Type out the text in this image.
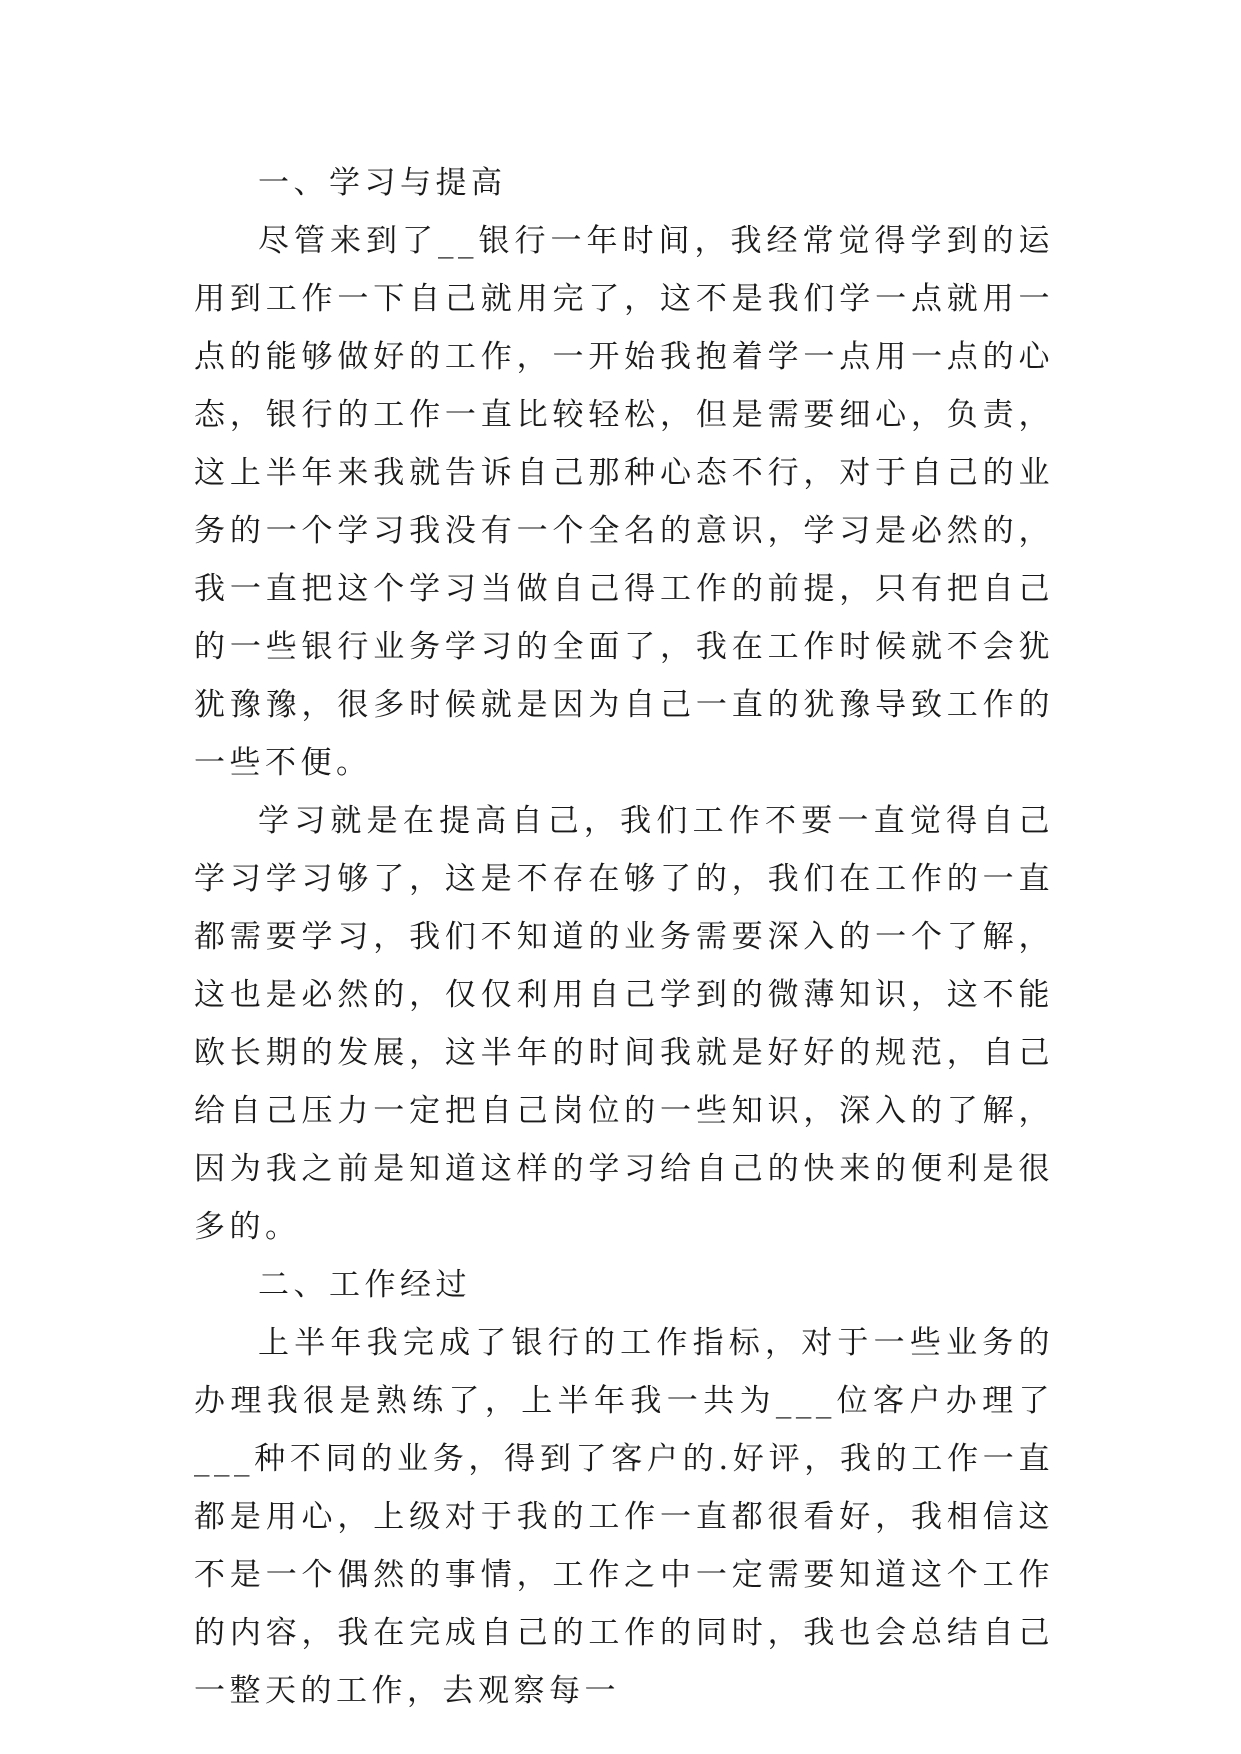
一、学习与提高

尽管来到了__银行一年时间，我经常觉得学到的运用到工作一下自己就用完了，这不是我们学一点就用一点的能够做好的工作，一开始我抱着学一点用一点的心态，银行的工作一直比较轻松，但是需要细心，负责，这上半年来我就告诉自己那种心态不行，对于自己的业务的一个学习我没有一个全名的意识，学习是必然的，我一直把这个学习当做自己得工作的前提，只有把自己的一些银行业务学习的全面了，我在工作时候就不会犹犹豫豫，很多时候就是因为自己一直的犹豫导致工作的一些不便。

学习就是在提高自己，我们工作不要一直觉得自己学习学习够了，这是不存在够了的，我们在工作的一直都需要学习，我们不知道的业务需要深入的一个了解，这也是必然的，仅仅利用自己学到的微薄知识，这不能欧长期的发展，这半年的时间我就是好好的规范，自己给自己压力一定把自己岗位的一些知识，深入的了解，因为我之前是知道这样的学习给自己的快来的便利是很多的。

二、工作经过

上半年我完成了银行的工作指标，对于一些业务的办理我很是熟练了，上半年我一共为___位客户办理了___种不同的业务，得到了客户的.好评，我的工作一直都是用心，上级对于我的工作一直都很看好，我相信这不是一个偶然的事情，工作之中一定需要知道这个工作的内容，我在完成自己的工作的同时，我也会总结自己一整天的工作，去观察每一
